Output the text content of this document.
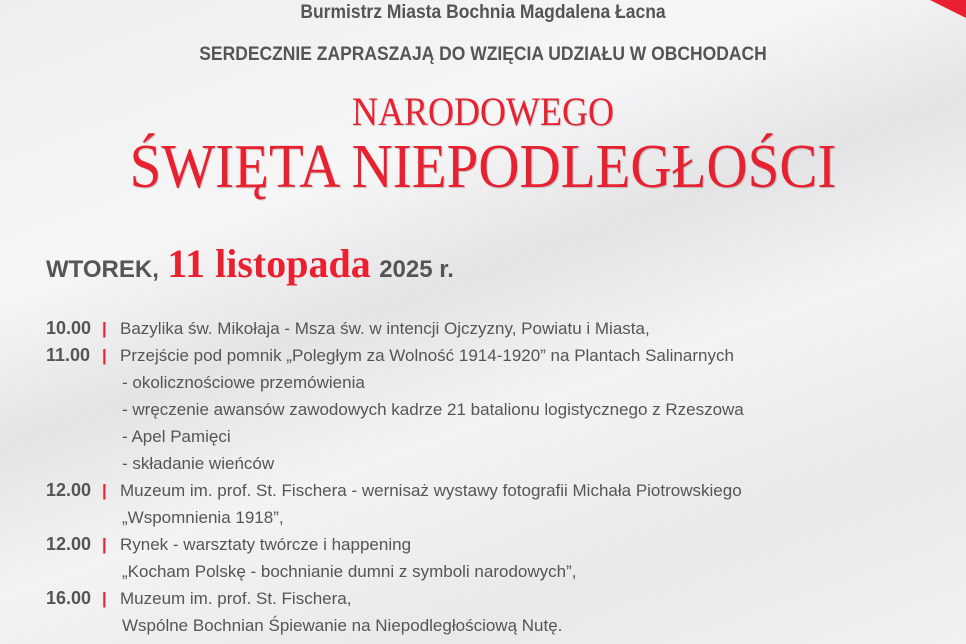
Burmistrz Miasta Bochnia Magdalena Łacna
SERDECZNIE ZAPRASZAJĄ DO WZIĘCIA UDZIAŁU W OBCHODACH
NARODOWEGO
ŚWIĘTA NIEPODLEGŁOŚCI
WTOREK, 11 listopada 2025 r.
10.00 | Bazylika św. Mikołaja - Msza św. w intencji Ojczyzny, Powiatu i Miasta,
11.00 | Przejście pod pomnik „Poległym za Wolność 1914-1920” na Plantach Salinarnych
- okolicznościowe przemówienia
- wręczenie awansów zawodowych kadrze 21 batalionu logistycznego z Rzeszowa
- Apel Pamięci
- składanie wieńców
12.00 | Muzeum im. prof. St. Fischera - wernisaż wystawy fotografii Michała Piotrowskiego
„Wspomnienia 1918”,
12.00 | Rynek - warsztaty twórcze i happening
„Kocham Polskę - bochnianie dumni z symboli narodowych”,
16.00 | Muzeum im. prof. St. Fischera,
Wspólne Bochnian Śpiewanie na Niepodległościową Nutę.
